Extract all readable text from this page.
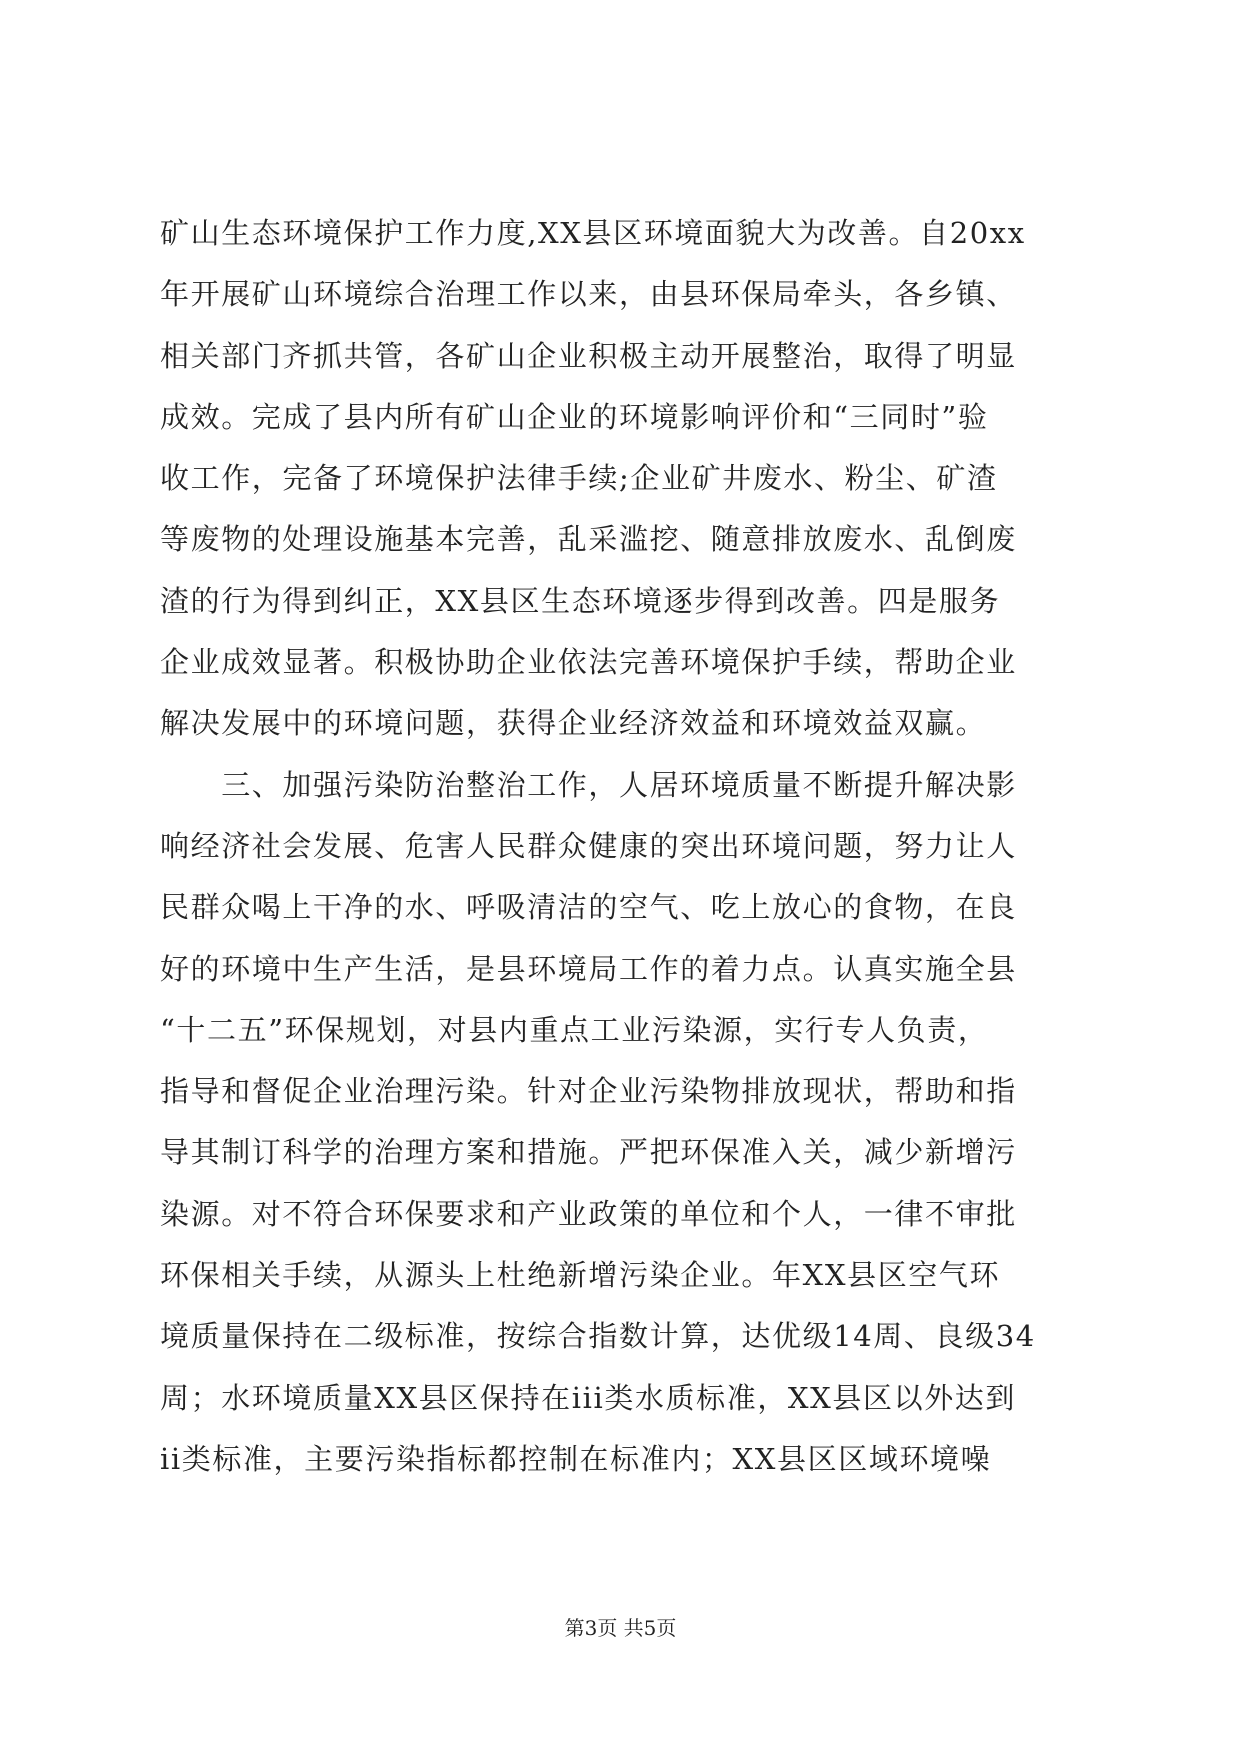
矿山生态环境保护工作力度,XX县区环境面貌大为改善。自20xx
年开展矿山环境综合治理工作以来，由县环保局牵头，各乡镇、
相关部门齐抓共管，各矿山企业积极主动开展整治，取得了明显
成效。完成了县内所有矿山企业的环境影响评价和“三同时”验
收工作，完备了环境保护法律手续;企业矿井废水、粉尘、矿渣
等废物的处理设施基本完善，乱采滥挖、随意排放废水、乱倒废
渣的行为得到纠正，XX县区生态环境逐步得到改善。四是服务
企业成效显著。积极协助企业依法完善环境保护手续，帮助企业
解决发展中的环境问题，获得企业经济效益和环境效益双赢。
　　三、加强污染防治整治工作，人居环境质量不断提升解决影
响经济社会发展、危害人民群众健康的突出环境问题，努力让人
民群众喝上干净的水、呼吸清洁的空气、吃上放心的食物，在良
好的环境中生产生活，是县环境局工作的着力点。认真实施全县
“十二五”环保规划，对县内重点工业污染源，实行专人负责，
指导和督促企业治理污染。针对企业污染物排放现状，帮助和指
导其制订科学的治理方案和措施。严把环保准入关，减少新增污
染源。对不符合环保要求和产业政策的单位和个人，一律不审批
环保相关手续，从源头上杜绝新增污染企业。年XX县区空气环
境质量保持在二级标准，按综合指数计算，达优级14周、良级34
周；水环境质量XX县区保持在iii类水质标准，XX县区以外达到
ii类标准，主要污染指标都控制在标准内；XX县区区域环境噪
第3页 共5页
